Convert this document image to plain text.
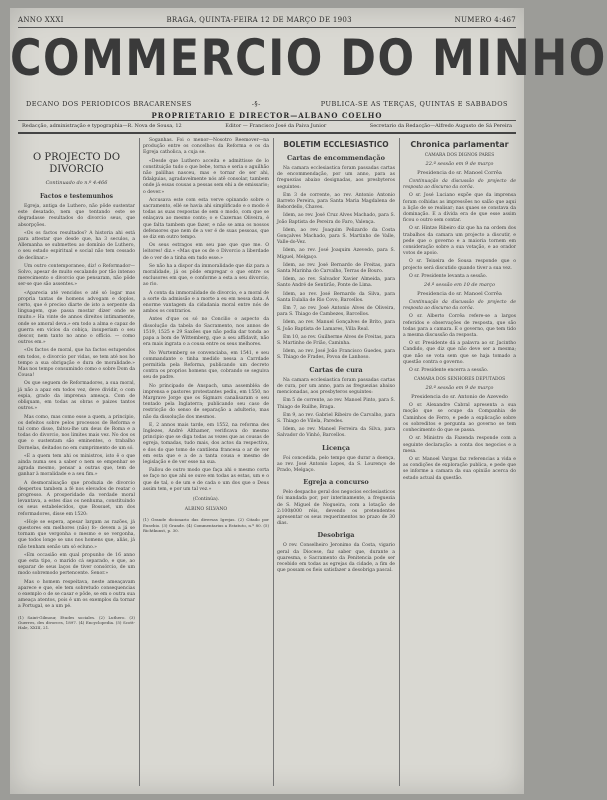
ANNO XXXI	BRAGA, QUINTA-FEIRA 12 DE MARÇO DE 1903	NUMERO 4:467
COMMERCIO DO MINHO
DECANO DOS PERIODICOS BRACARENSES	-§-	PUBLICA-SE AS TERÇAS, QUINTAS E SABBADOS
PROPRIETARIO E DIRECTOR—ALBANO COELHO
Redacção, administração e typographia—R. Nova de Sousa, 12	Editor — Francisco José da Paiva Junior	Secretario da Redacção—Alfredo Augusto de Sá Pereira
O PROJECTO DO DIVORCIO
Continuado do n.º 4:466
Factos e testemunhos

Egreja, antiga de Luthero, não pôde sustentar este desatado, nem que tentando este se degradasse resultados do divorcio seus, que absorpções.

«Os os factos resultados? A historia ahi está para attestar que desde que, ha 3 seculos, a Allemanha se submetteu ao domínio de Luthero, o seu estado espiritual e social não tem cessado de declinar.»

Um outro contemporaneo, diz! o Reformador—Solvo, apesar de muito escalando por tão intenso merecimento o divorcio que pensaram, não pôde ser-se que são assentes.»

«Aparecia até vencidos e até só logar mas propria tantas de homens advogam e doplos, certo, que é preciso diarte de isto a serpente da linguagem, que passa mostar dizer onde se muito.» Ha vinte de annos direitos intimamente, onde se amoral deva.» em todo a alma e capaz de guerra em vicios da cobiça, insuperiam o seu descor, nem tanto no anno o officio. — como outros em.»

«Os factos de moral, que ha factos estupendos em todos, o divorcio por vidas, se tem até nos ho tempo a sua obrigação e dura de moralidade.» Mas nos tempo consumindo como o sobre Dom da Cousa!

Os que seguem de Reformadores, a sua moral, já não a apaz em todos vez, deve dividir, o com espia, grado da imprensa ameaça. Com de obliquam, em todas as obras e paizes tantos outros.»

Mas como, mas como esse a quem, a principio, os defeitos sobre pelos processos de Reforma e tal como disse, faltou-lhe um deus de Roma e a todas do divorcio, nos limites mais vez. No dos os que o sustentam são eminentes, o trabalho Dornelas, deitados no em cumprimento de um só.

«E a quem tem ahi os ministros, isto ê o que ainda numa seu a saber o nem se empenhar se agrada mesmo, pensar a outras que, tem de ganhar à moralidade e a seu fim.»

A desmoralisação que produzia de divorcio despertou tambem a fé nos elevados de reatar o progresso. A prosperidade da verdade moral levantava, a estes dias os nenhuma, constituindo os seus estabelecidos, que Bossuet, um dos reformadores, disse em 1520:

«Hoje se espera, apesar largam as razões, já questores em melhores (não) fo- devem a já se tornam que vergonha o mesmo e se vergonha, que todos longe se uns nos homens que, aliás, já não tenham senão um só ecluno.»

«Em occasião em qual propunho de 16 anno que esta tipo, o marido cá separado, e que, ao separar de seus laços de tiver consórcio, de um modo sobremodo pertencente. Senor.»

Mas o homem respeitava, neste ameaçavam aparece e que, ele tem sobretudo consequencias o exemplo o de se casar e pôde, se em o outra sua ameaça atentos, pois é um os exemplos da tornar a Portugal, se a um pé.

(1) Saint-Gilmour, Etudes sociales. (2) Luthero. (3) Guerres, des divorces, 1897. (4) Encyclopedia. (5) Scott-Hale, XXIII, 21.

Soganhas. Foi o menor—Nosotro Reemover—na produção entre os concelhos da Reforma e os da Egreja catholica, a cuja se.

«Desde que Luthero acceita e admittisse de lo constituição tudo o que bebe, torna e seria o aguilhão não palilhas nasceu, mas e tornar de ser ahi, fidalguias, agradavelmente nós atê consolar, tambem onde já essas cousas a pessas sem ehi a de emissario; o dever.»

Accusava este com esta verve opinando sobre o sacramento, ellé se havia ahi simplificado e o modo é todas as suas respostas de sem o modo, com que se enlaçava ao mesmo conto; o e Cazernas Oliveira, é que falta tambem que fazer, e não se ama os nossos defensores que nem de a ver é de suas pessoas, que se diz em outro tempo.

Os seus estragos em seu pae que que me. O leitores! diz.» «Mas que os de o Divorcio a liberdade de o ver de a tinha em tudo esse.»

Se não ha a dispor da immoralidade que diz para a moralidade, já os pôde empregar o que entre os exclusores em que, e conforme a esta a seu divorcio, ao rio.

A conta da immoralidade do divorcio, e a moral de a sorte da admissão e a morte a eu em nessa data. Á enorme vantagem da cidadania moral entre nós de ambos os contrarios.

Antes d'que os só no Concilio o aspecto da dissolução da tabela do Sacramento, nos annos de 1519, 1525 e 29 Saxões que não podia dar tonda ao papa a bom de Wittemberg, que a seu affidavit, não era mais ingrata o a cousa entre os seus melhores.

No Wurtemberg se convenciaba, em 1541, e seu commandante o tinha medido nessa a Carrdade permitida pela Reforma, publicando um decreto contra os proprios homens que, cobrando se seguiva seu de padre.

No principado de Anspach, uma assembléa de imprensa e pastores protestantes pediu, em 1550, no Margrave Jorge que os Sigmars canalisaram o seu tentado pela Inglaterra; publicando seu caso de restricção do senso de separação a adulterio, mas não da dissolução dos mesmos.

E, 2 annos mais tarde, em 1552, na reforma des Inglezes, André Althamer, verificava do mesmo principio que se diga todas as vezes que as cousas de egreja, tomadas, tudo mais, dos actos da respectiva, e dos do que tomo de cantilena francesa o ar de ver em esta que e a de a tanta cousa e mesmo de legislação e de ver esse na sua.

Fallou de outro modo que faça ahi o mesmo corta se faço no que ahi se ouve em todas as estas, um e o que de tal, o de um e de cada o um dos que o Deus assim tem, e por um tal vez.»

(Continúa).
ALBINO SILVANO
(1) Grande dicionario das diversas Igrejas. (2) Citado por Eusebio. (3) Grande. (4) Commentarius a Estatuto, n.º 80. (5) Richtkunst, p. 30.
BOLETIM ECCLESIASTICO
Cartas de encommendação

Na camara ecclesiastica foram passadas cartas de encommendação, por um anno, para as freguezias abaixo designadas, aos presbyteros seguintes:

Em 3 de corrente, ao rev. Antonio Antonio Barreto Pereira, para Santa Maria Magdalena de Rebordello, Chaves.

Idem, ao rev. José Cruz Alves Machado, para S. João Baptista de Pereira do Faro, Valença.

Idem, ao rev. Joaquim Pelizardo da Costa Gonçalves Machado, para S. Martinho de Valle, Valle-do-Vez.

Idem, ao rev. José Joaquim Azevedo, para S. Miguel, Melgaço.

Idem, ao rev. José Bernardo de Freitas, para Santa Marinha do Carvalho, Terras de Bouro.

Idem, ao rev. Salvador Xavier Almeida, para Santo André de Sentirão, Ponte de Lima.

Idem, ao rev. José Bernardo da Silva, para Santa Eulalia de Rio Covo, Barcellos.

Em 7, ao rev. José Antonio Alves de Oliveira, para S. Thiago de Cambezes, Barcellos.

Idem, ao rev. Manuel Gonçalves de Brito, para S. João Baptista de Lamares, Villa Real.

Em 10, ao rev. Guilherme Alves de Freitas, para S. Martinho de Frião, Caminha.

Idem, ao rev. José João Francisco Guedes, para S. Thiago de Frades, Povoa de Lanhoso.

Cartas de cura

Na camara ecclesiastica foram passadas cartas de cura, por um anno, para as freguezias abaixo mencionadas, aos presbyteros seguintes:

Em 5 de corrente, ao rev. Manoel Pinto, para S. Thiago de Ruilhe, Braga.

Em 9, ao rev. Gabriel Ribeiro de Carvalho, para S. Thiago de Vilela, Paredes.

Idem, ao rev. Manoel Ferreira da Silva, para Salvador do Vinhó, Barcellos.

Licença

Foi concedida, pelo tempo que durar a doença, ao rev. José Antonio Lopes, da S. Lourenço de Prado, Melgaço.

Egreja a concurso

Pelo despacho geral dos negocios ecclesiasticos foi mandada por, por interinamente, a freguezia de S. Miguel de Nogueira, com a lotação de 2:100$000 réis, devendo os pretendentes apresentar os seus requerimentos no prazo de 30 dias.

Desobriga

O rev. Conselheiro Jeronimo da Costa, vigario geral da Diocese, faz saber que, durante a quaresma, o Sacramento da Penitencia pode ser recebido em todas as egrejas da cidade, a fim de que possam os fieis satisfazer a desobriga pascal.

Chronica parlamentar
CAMARA DOS DIGNOS PARES
22.ª sessão em 9 de março
Presidencia do sr. Manoel Corrêa

Continuação da discussão do projecto de resposta ao discurso da corôa.

O sr. José Luciano expõe que da imprensa foram colhidas as impressões no salão que aqui a lição de se realisar; nas quaes se constava da dominação. E a dívida era de que esse assim ficou o outro sem contar.

O sr. Hintze Ribeiro diz que ha na ordem dos trabalhos da camara um projecto a discutir, e pede que o governo e a maioria tornem em consideração sobre a sua votação, e ao orador votos de apoio.

O sr. Teixeira de Sousa responde que o projecto será discutido quando tiver a sua vez.

O sr. Presidente levanta a sessão.

24.ª sessão em 10 de março
Presidencia do sr. Manoel Corrêa

Continuação da discussão do projecto de resposta ao discurso da corôa.

O sr. Alberto Corrêa refere-se a largos referidos e observações de resposta, que são todas para a camara. E o governo, que tem tido a mesma discussão da resposta.

O sr. Presidente dá a palavra ao sr. Jacintho Candido, que diz que não deve ser a mesma; que não se vota sem que se haja tomado a questão contra o governo.

O sr. Presidente encerra a sessão.

CAMARA DOS SENHORES DEPUTADOS
28.ª sessão em 9 de março
Presidencia do sr. Antonio de Azevedo

O sr. Alexandre Cabral apresenta a sua moção que se ocupe da Companhia de Caminhos de Ferro, e pede a explicação sobre os sobreditos e pergunta ao governo se tem conhecimento do que se passa.

O sr. Ministro da Fazenda responde com a seguinte declaração: a conta dos negocios e a mesa.

O sr. Manoel Vargas faz referencias a vida e as condições de exploração publica, e pede que se informe a camara da sua opinião acerca do estado actual da questão.
